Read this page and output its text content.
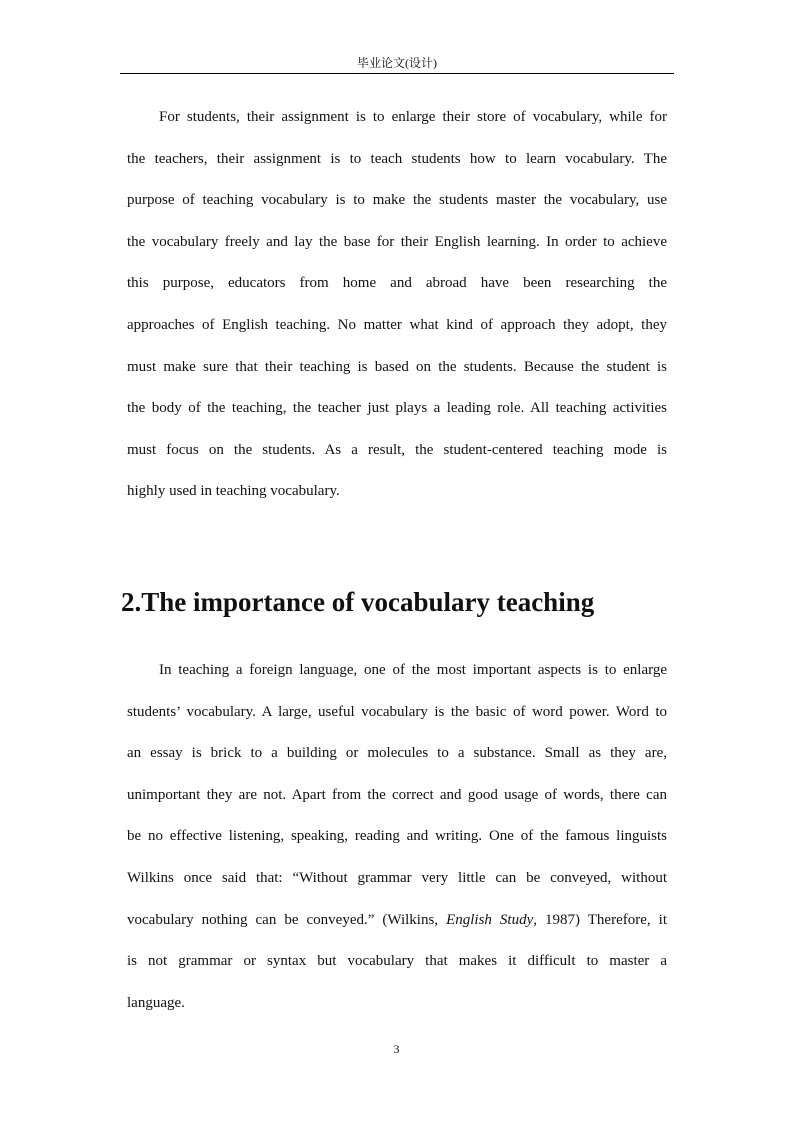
毕业论文(设计)

For students, their assignment is to enlarge their store of vocabulary, while for
the teachers, their assignment is to teach students how to learn vocabulary. The
purpose of teaching vocabulary is to make the students master the vocabulary, use
the vocabulary freely and lay the base for their English learning. In order to achieve
this purpose, educators from home and abroad have been researching the
approaches of English teaching. No matter what kind of approach they adopt, they
must make sure that their teaching is based on the students. Because the student is
the body of the teaching, the teacher just plays a leading role. All teaching activities
must focus on the students. As a result, the student-centered teaching mode is
highly used in teaching vocabulary.

2.The importance of vocabulary teaching

In teaching a foreign language, one of the most important aspects is to enlarge
students’ vocabulary. A large, useful vocabulary is the basic of word power. Word to
an essay is brick to a building or molecules to a substance. Small as they are,
unimportant they are not. Apart from the correct and good usage of words, there can
be no effective listening, speaking, reading and writing. One of the famous linguists
Wilkins once said that: “Without grammar very little can be conveyed, without
vocabulary nothing can be conveyed.” (Wilkins, English Study, 1987) Therefore, it
is not grammar or syntax but vocabulary that makes it difficult to master a
language.

3
